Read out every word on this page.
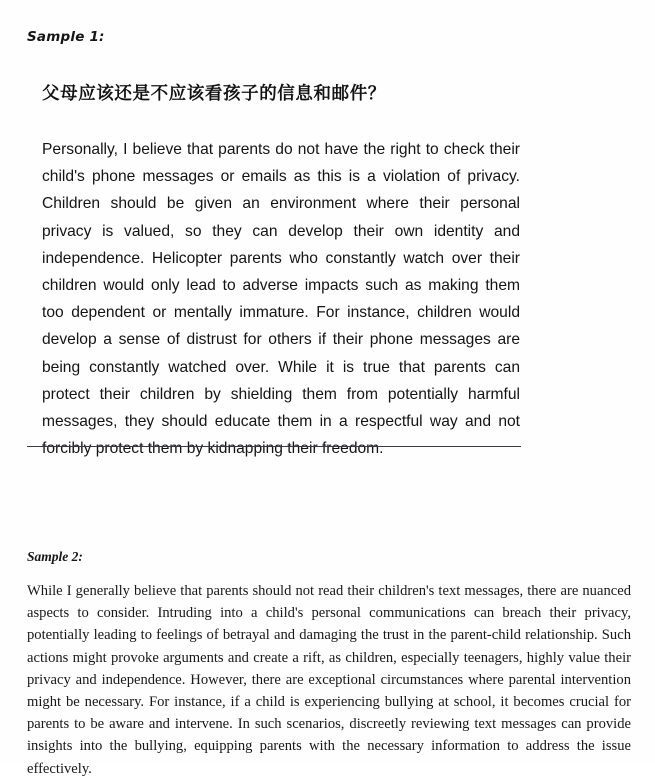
Sample 1:
父母应该还是不应该看孩子的信息和邮件？
Personally, I believe that parents do not have the right to check their child's phone messages or emails as this is a violation of privacy. Children should be given an environment where their personal privacy is valued, so they can develop their own identity and independence. Helicopter parents who constantly watch over their children would only lead to adverse impacts such as making them too dependent or mentally immature. For instance, children would develop a sense of distrust for others if their phone messages are being constantly watched over. While it is true that parents can protect their children by shielding them from potentially harmful messages, they should educate them in a respectful way and not forcibly protect them by kidnapping their freedom.
Sample 2:
While I generally believe that parents should not read their children's text messages, there are nuanced aspects to consider. Intruding into a child's personal communications can breach their privacy, potentially leading to feelings of betrayal and damaging the trust in the parent-child relationship. Such actions might provoke arguments and create a rift, as children, especially teenagers, highly value their privacy and independence. However, there are exceptional circumstances where parental intervention might be necessary. For instance, if a child is experiencing bullying at school, it becomes crucial for parents to be aware and intervene. In such scenarios, discreetly reviewing text messages can provide insights into the bullying, equipping parents with the necessary information to address the issue effectively.
